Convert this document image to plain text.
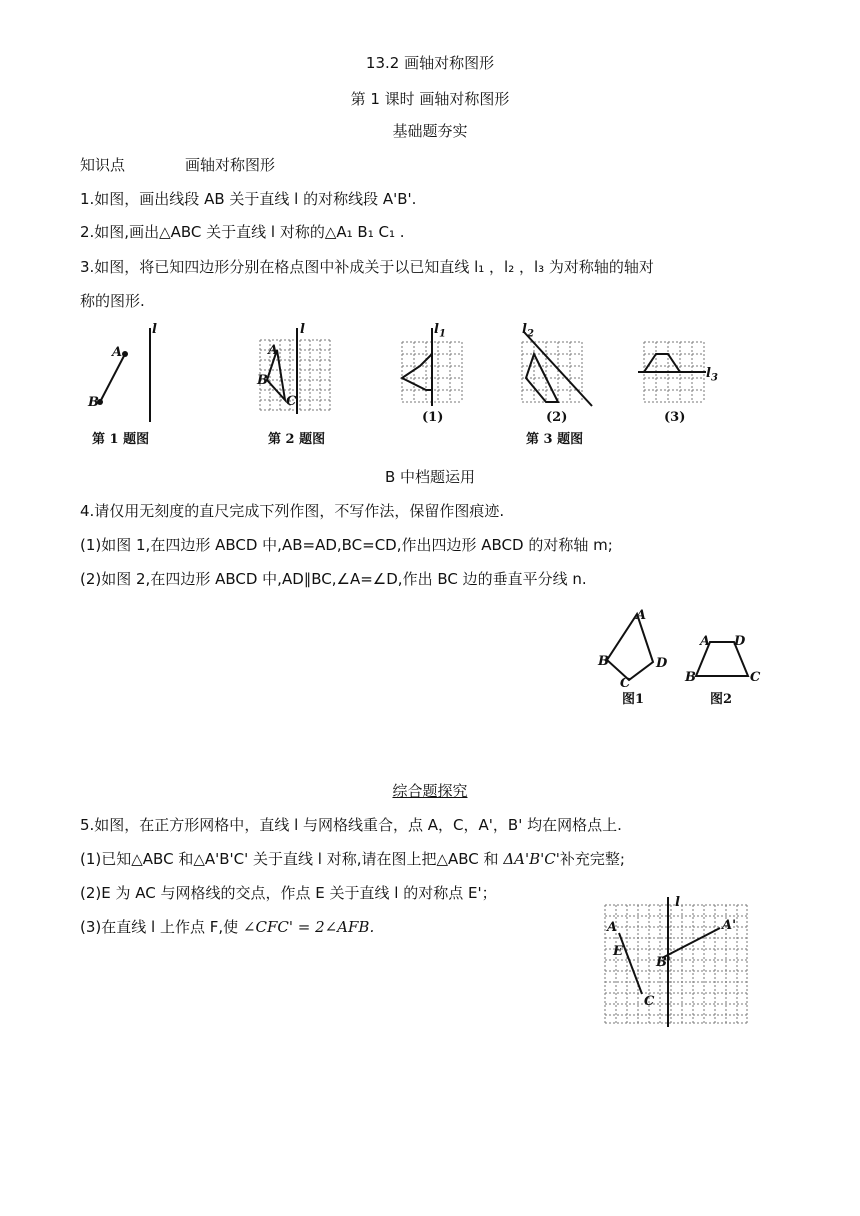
13.2 画轴对称图形
第 1 课时 画轴对称图形
基础题夯实
知识点	画轴对称图形
1.如图，画出线段 AB 关于直线 l 的对称线段 A'B'.
2.如图,画出△ABC 关于直线 l 对称的△A₁ B₁ C₁ .
3.如图，将已知四边形分别在格点图中补成关于以已知直线 l₁ ，l₂ ，l₃ 为对称轴的轴对
称的图形.
l
A
B
第 1 题图
l
A
B
C
第 2 题图
$l_1$
(1)
$l_2$
(2)
第 3 题图
$l_3$
(3)
B 中档题运用
4.请仅用无刻度的直尺完成下列作图，不写作法，保留作图痕迹.
(1)如图 1,在四边形 ABCD 中,AB=AD,BC=CD,作出四边形 ABCD 的对称轴 m;
(2)如图 2,在四边形 ABCD 中,AD∥BC,∠A=∠D,作出 BC 边的垂直平分线 n.
A
B
C
D
图1
A D
B	C
图2
综合题探究
5.如图，在正方形网格中，直线 l 与网格线重合，点 A，C，A'，B' 均在网格点上.
(1)已知△ABC 和△A'B'C' 关于直线 l 对称,请在图上把△ABC 和 ΔA'B'C'补充完整;
(2)E 为 AC 与网格线的交点，作点 E 关于直线 l 的对称点 E'；
(3)在直线 l 上作点 F,使 ∠CFC' = 2∠AFB.
l
A
E
C
B'
A'
